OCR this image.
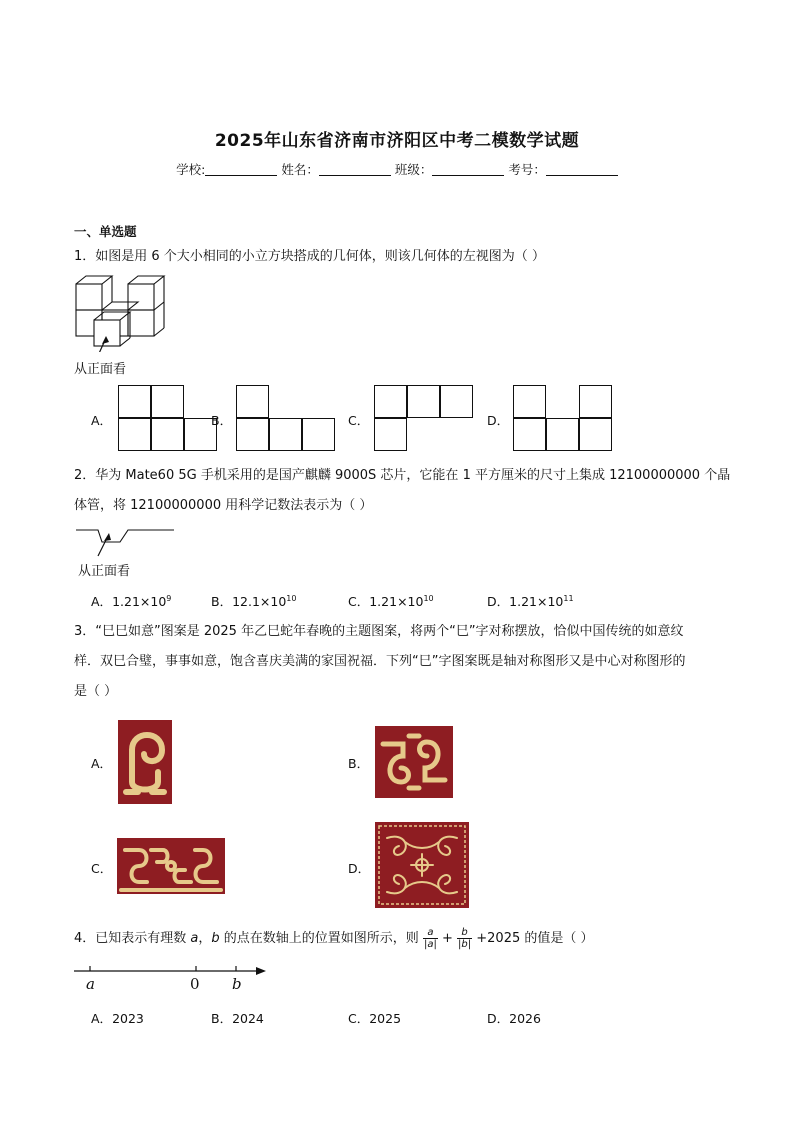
2025年山东省济南市济阳区中考二模数学试题
学校:	姓名：	班级：	考号：
一、单选题
1．如图是用 6 个大小相同的小立方块搭成的几何体，则该几何体的左视图为（ ）
从正面看
A．	B．	C．	D．
2．华为 Mate60 5G 手机采用的是国产麒麟 9000S 芯片，它能在 1 平方厘米的尺寸上集成 12100000000 个晶
体管，将 12100000000 用科学记数法表示为（ ）
从正面看
A．$1.21\times 10^9$	B．$12.1\times 10^{10}$	C．$1.21\times 10^{10}$	D．$1.21\times 10^{11}$
3．“巳巳如意”图案是 2025 年乙巳蛇年春晚的主题图案，将两个“巳”字对称摆放，恰似中国传统的如意纹
样．双巳合璧，事事如意，饱含喜庆美满的家国祝福．下列“巳”字图案既是轴对称图形又是中心对称图形的
是（ ）
A．	B．
C．	D．
4．已知表示有理数 a，b 的点在数轴上的位置如图所示，则 $\frac{a}{|a|} + \frac{b}{|b|} +2025$ 的值是（ ）
a	0 b
A．2023	B．2024	C．2025	D．2026
